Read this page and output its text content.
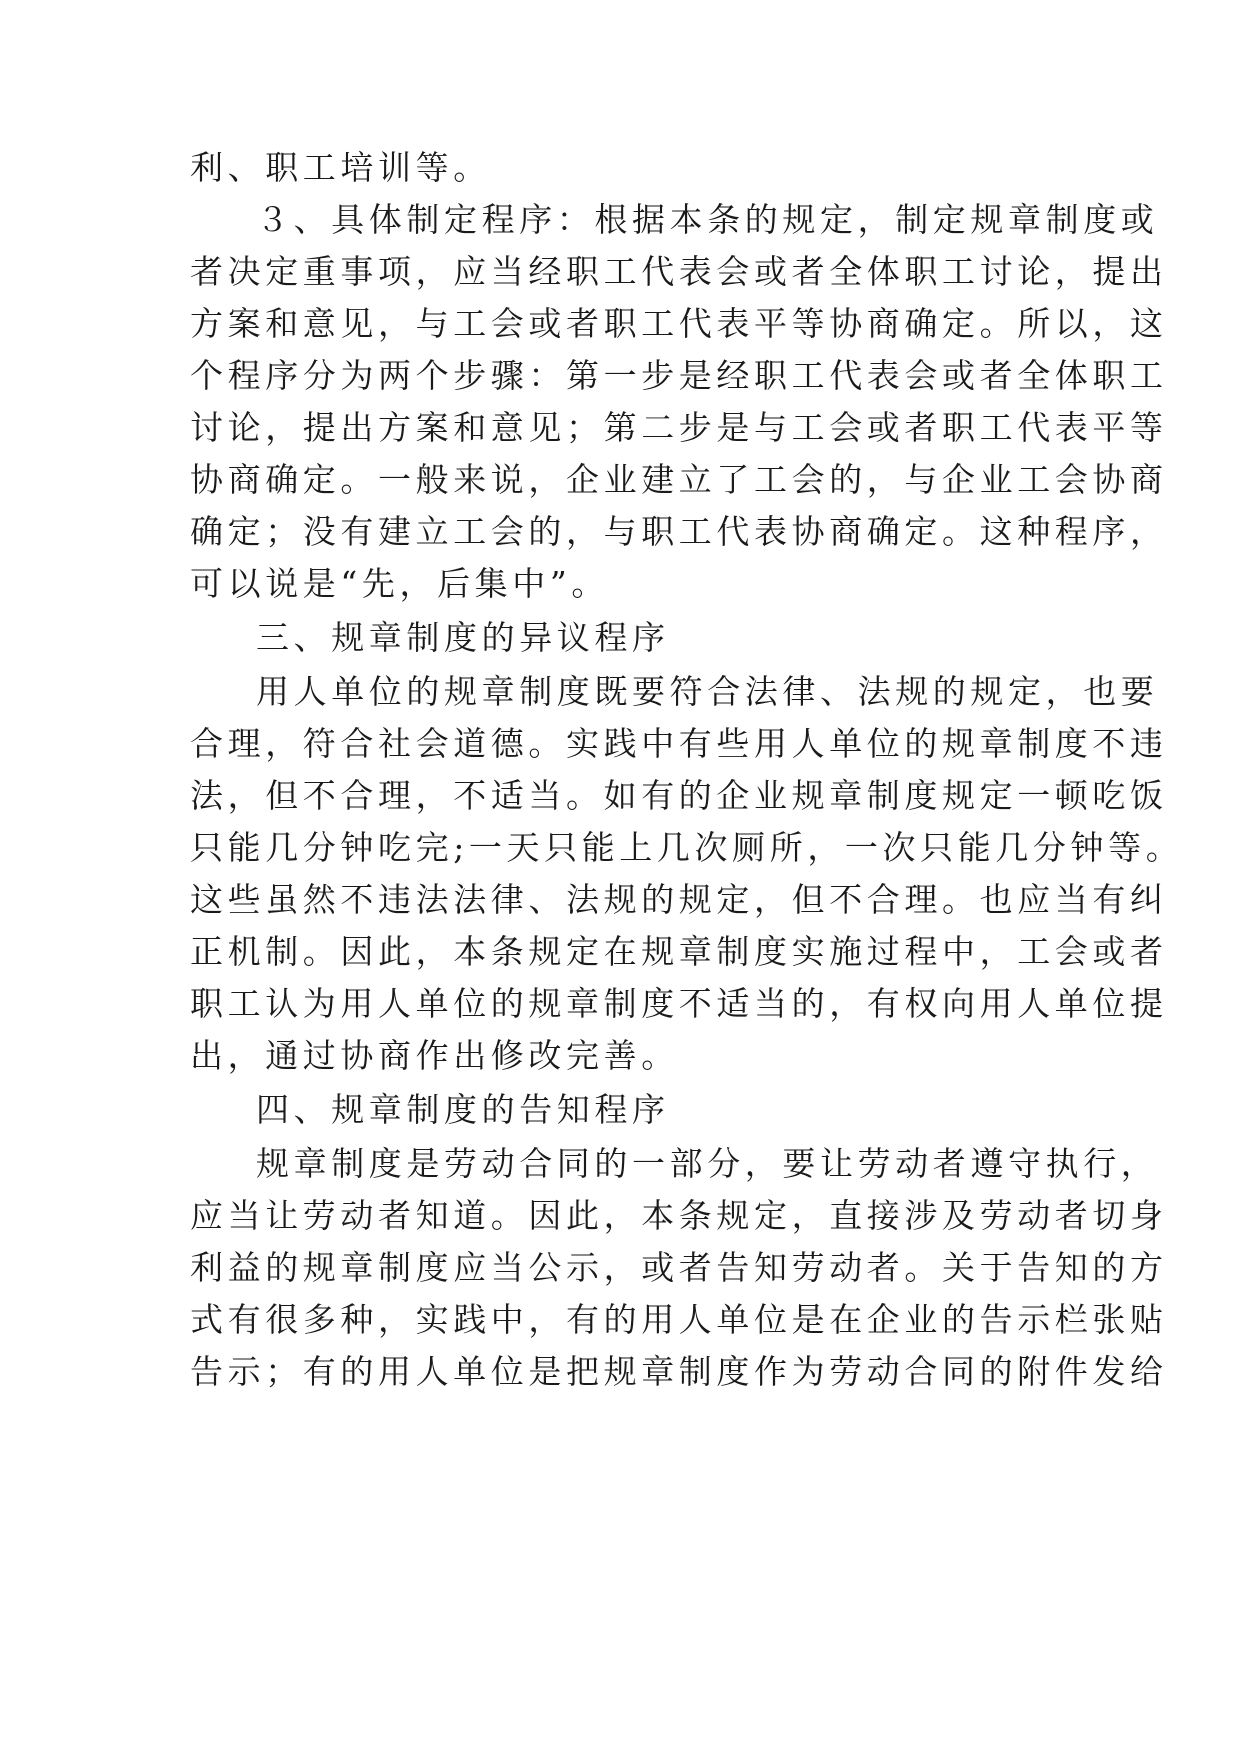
利、职工培训等。
３、具体制定程序：根据本条的规定，制定规章制度或
者决定重事项，应当经职工代表会或者全体职工讨论，提出
方案和意见，与工会或者职工代表平等协商确定。所以，这
个程序分为两个步骤：第一步是经职工代表会或者全体职工
讨论，提出方案和意见；第二步是与工会或者职工代表平等
协商确定。一般来说，企业建立了工会的，与企业工会协商
确定；没有建立工会的，与职工代表协商确定。这种程序，
可以说是“先，后集中”。
三、规章制度的异议程序
用人单位的规章制度既要符合法律、法规的规定，也要
合理，符合社会道德。实践中有些用人单位的规章制度不违
法，但不合理，不适当。如有的企业规章制度规定一顿吃饭
只能几分钟吃完;一天只能上几次厕所，一次只能几分钟等。
这些虽然不违法法律、法规的规定，但不合理。也应当有纠
正机制。因此，本条规定在规章制度实施过程中，工会或者
职工认为用人单位的规章制度不适当的，有权向用人单位提
出，通过协商作出修改完善。
四、规章制度的告知程序
规章制度是劳动合同的一部分，要让劳动者遵守执行，
应当让劳动者知道。因此，本条规定，直接涉及劳动者切身
利益的规章制度应当公示，或者告知劳动者。关于告知的方
式有很多种，实践中，有的用人单位是在企业的告示栏张贴
告示；有的用人单位是把规章制度作为劳动合同的附件发给
